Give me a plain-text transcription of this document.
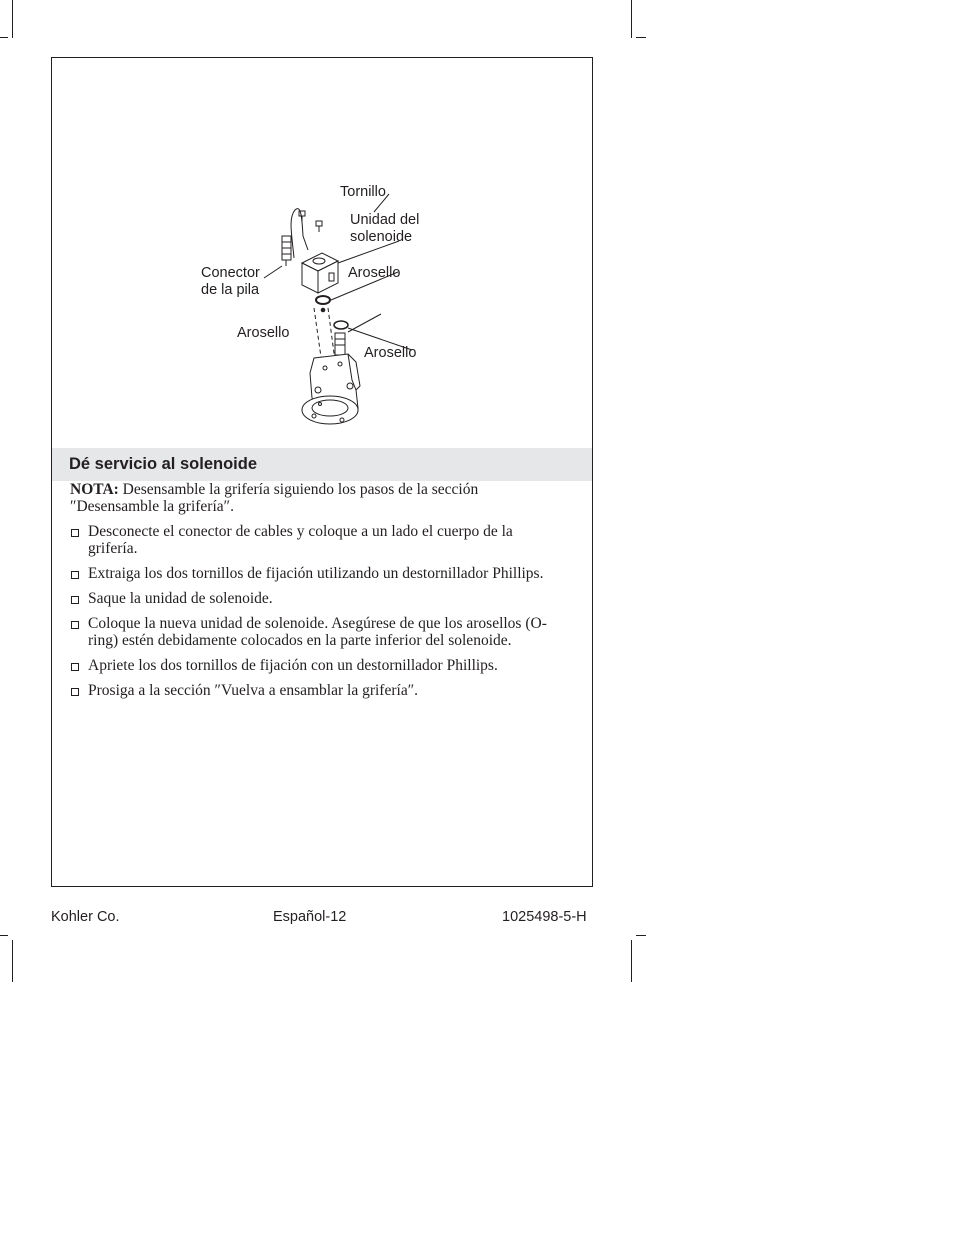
Tornillo
Unidad del
solenoide
Conector
de la pila
Arosello
Arosello
Arosello
Dé servicio al solenoide

NOTA: Desensamble la grifería siguiendo los pasos de la sección ″Desensamble la grifería″.

Desconecte el conector de cables y coloque a un lado el cuerpo de la grifería.
Extraiga los dos tornillos de fijación utilizando un destornillador Phillips.
Saque la unidad de solenoide.
Coloque la nueva unidad de solenoide. Asegúrese de que los arosellos (O-ring) estén debidamente colocados en la parte inferior del solenoide.
Apriete los dos tornillos de fijación con un destornillador Phillips.
Prosiga a la sección ″Vuelva a ensamblar la grifería″.
Kohler Co.	Español-12	1025498-5-H
